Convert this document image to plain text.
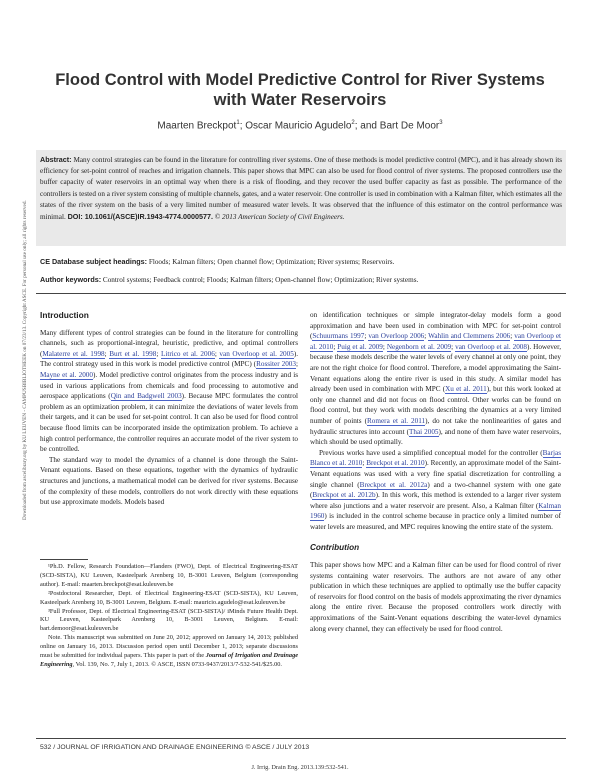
Downloaded from ascelibrary.org by KU LEUVEN - CAMPUSBIBLIOTHEEK on 07/23/13. Copyright ASCE. For personal use only; all rights reserved.
Flood Control with Model Predictive Control for River Systems with Water Reservoirs
Maarten Breckpot$^1$; Oscar Mauricio Agudelo$^2$; and Bart De Moor$^3$
Abstract: Many control strategies can be found in the literature for controlling river systems. One of these methods is model predictive control (MPC), and it has already shown its efficiency for set-point control of reaches and irrigation channels. This paper shows that MPC can also be used for flood control of river systems. The proposed controllers use the buffer capacity of water reservoirs in an optimal way when there is a risk of flooding, and they recover the used buffer capacity as fast as possible. The performance of the controllers is tested on a river system consisting of multiple channels, gates, and a water reservoir. One controller is used in combination with a Kalman filter, which estimates all the states of the river system on the basis of a very limited number of measured water levels. It was observed that the influence of this estimator on the control performance was minimal. DOI: 10.1061/(ASCE)IR.1943-4774.0000577. © 2013 American Society of Civil Engineers.
CE Database subject headings: Floods; Kalman filters; Open channel flow; Optimization; River systems; Reservoirs.
Author keywords: Control systems; Feedback control; Floods; Kalman filters; Open-channel flow; Optimization; River systems.
Introduction

Many different types of control strategies can be found in the literature for controlling channels, such as proportional-integral, heuristic, predictive, and optimal controllers (Malaterre et al. 1998; Burt et al. 1998; Litrico et al. 2006; van Overloop et al. 2005). The control strategy used in this work is model predictive control (MPC) (Rossiter 2003; Mayne et al. 2000). Model predictive control originates from the process industry and is used in various applications from chemicals and food processing to automotive and aerospace applications (Qin and Badgwell 2003). Because MPC formulates the control problem as an optimization problem, it can minimize the deviations of water levels from their targets, and it can be used for set-point control. It can also be used for flood control because flood limits can be incorporated inside the optimization problem. To achieve a high control performance, the controller requires an accurate model of the river system to be controlled.

The standard way to model the dynamics of a channel is done through the Saint-Venant equations. Based on these equations, together with the dynamics of hydraulic structures and junctions, a mathematical model can be derived for river systems. Because of the complexity of these models, controllers do not work directly with these equations but use approximate models. Models based

¹Ph.D. Fellow, Research Foundation—Flanders (FWO), Dept. of Electrical Engineering-ESAT (SCD-SISTA), KU Leuven, Kasteelpark Arenberg 10, B-3001 Leuven, Belgium (corresponding author). E-mail: maarten.breckpot@esat.kuleuven.be

²Postdoctoral Researcher, Dept. of Electrical Engineering-ESAT (SCD-SISTA), KU Leuven, Kasteelpark Arenberg 10, B-3001 Leuven, Belgium. E-mail: mauricio.agudelo@esat.kuleuven.be

³Full Professor, Dept. of Electrical Engineering-ESAT (SCD-SISTA)/ iMinds Future Health Dept. KU Leuven, Kasteelpark Arenberg 10, B-3001 Leuven, Belgium. E-mail: bart.demoor@esat.kuleuven.be

Note. This manuscript was submitted on June 20, 2012; approved on January 14, 2013; published online on January 16, 2013. Discussion period open until December 1, 2013; separate discussions must be submitted for individual papers. This paper is part of the Journal of Irrigation and Drainage Engineering, Vol. 139, No. 7, July 1, 2013. © ASCE, ISSN 0733-9437/2013/7-532-541/$25.00.

on identification techniques or simple integrator-delay models form a good approximation and have been used in combination with MPC for set-point control (Schuurmans 1997; van Overloop 2006; Wahlin and Clemmens 2006; van Overloop et al. 2010; Puig et al. 2009; Negenborn et al. 2009; van Overloop et al. 2008). However, because these models describe the water levels of every channel at only one point, they are not the right choice for flood control. Therefore, a model approximating the Saint-Venant equations along the entire river is used in this study. A similar model has already been used in combination with MPC (Xu et al. 2011), but this work looked at only one channel and did not focus on flood control. Other works can be found on flood control, but they work with models describing the dynamics at a very limited number of points (Romera et al. 2011), do not take the nonlinearities of gates and hydraulic structures into account (Thai 2005), and none of them have water reservoirs, which should be used optimally.

Previous works have used a simplified conceptual model for the controller (Barjas Blanco et al. 2010; Breckpot et al. 2010). Recently, an approximate model of the Saint-Venant equations was used with a very fine spatial discretization for controlling a single channel (Breckpot et al. 2012a) and a two-channel system with one gate (Breckpot et al. 2012b). In this work, this method is extended to a larger river system where also junctions and a water reservoir are present. Also, a Kalman filter (Kalman 1960) is included in the control scheme because in practice only a limited number of water levels are measured, and MPC requires knowing the entire state of the system.

Contribution

This paper shows how MPC and a Kalman filter can be used for flood control of river systems containing water reservoirs. The authors are not aware of any other publication in which these techniques are applied to optimally use the buffer capacity of reservoirs for flood control on the basis of models approximating the river dynamics along the entire river. Because the proposed controllers work directly with approximations of the Saint-Venant equations describing the water-level dynamics along every channel, they can effectively be used for flood control.

532 / JOURNAL OF IRRIGATION AND DRAINAGE ENGINEERING © ASCE / JULY 2013
J. Irrig. Drain Eng. 2013.139:532-541.
